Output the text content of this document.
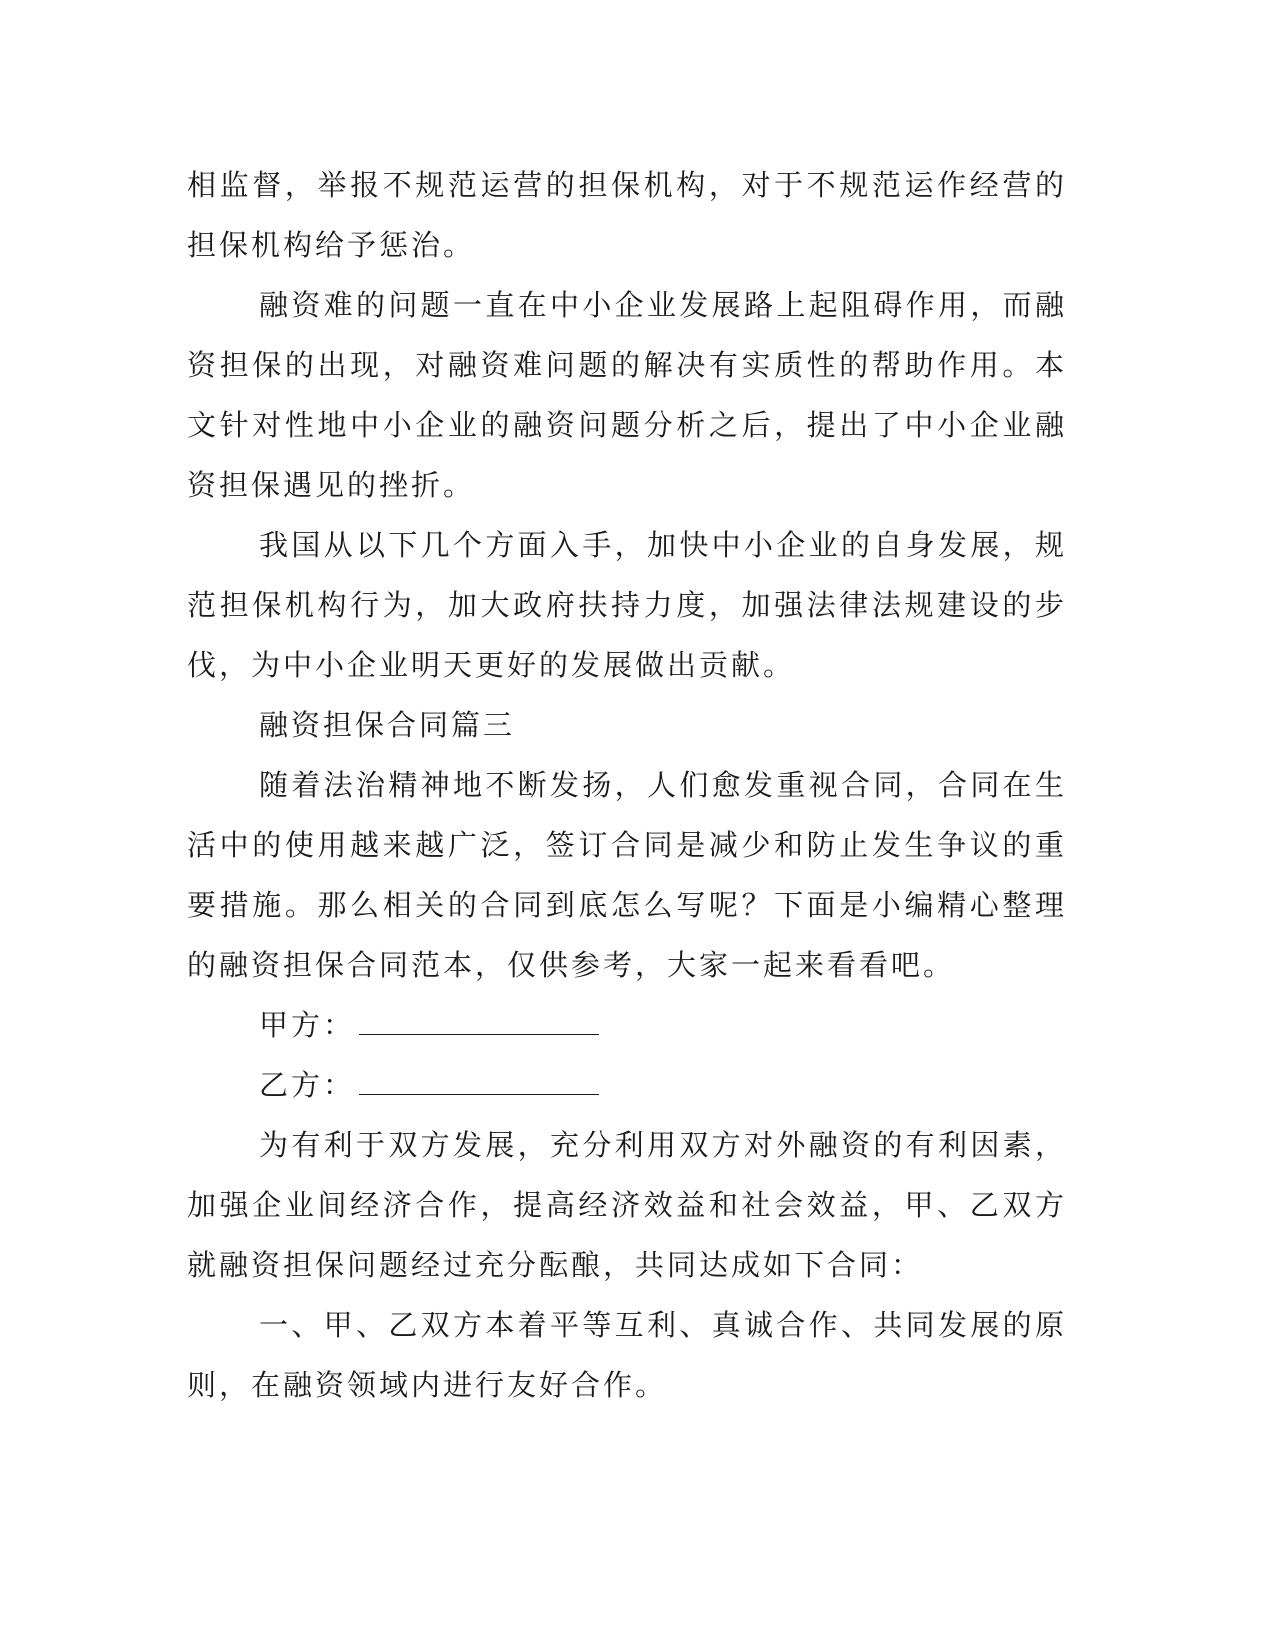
相监督，举报不规范运营的担保机构，对于不规范运作经营的担保机构给予惩治。

融资难的问题一直在中小企业发展路上起阻碍作用，而融资担保的出现，对融资难问题的解决有实质性的帮助作用。本文针对性地中小企业的融资问题分析之后，提出了中小企业融资担保遇见的挫折。

我国从以下几个方面入手，加快中小企业的自身发展，规范担保机构行为，加大政府扶持力度，加强法律法规建设的步伐，为中小企业明天更好的发展做出贡献。

融资担保合同篇三

随着法治精神地不断发扬，人们愈发重视合同，合同在生活中的使用越来越广泛，签订合同是减少和防止发生争议的重要措施。那么相关的合同到底怎么写呢？下面是小编精心整理的融资担保合同范本，仅供参考，大家一起来看看吧。

甲方：

乙方：

为有利于双方发展，充分利用双方对外融资的有利因素，加强企业间经济合作，提高经济效益和社会效益，甲、乙双方就融资担保问题经过充分酝酿，共同达成如下合同：

一、甲、乙双方本着平等互利、真诚合作、共同发展的原则，在融资领域内进行友好合作。
